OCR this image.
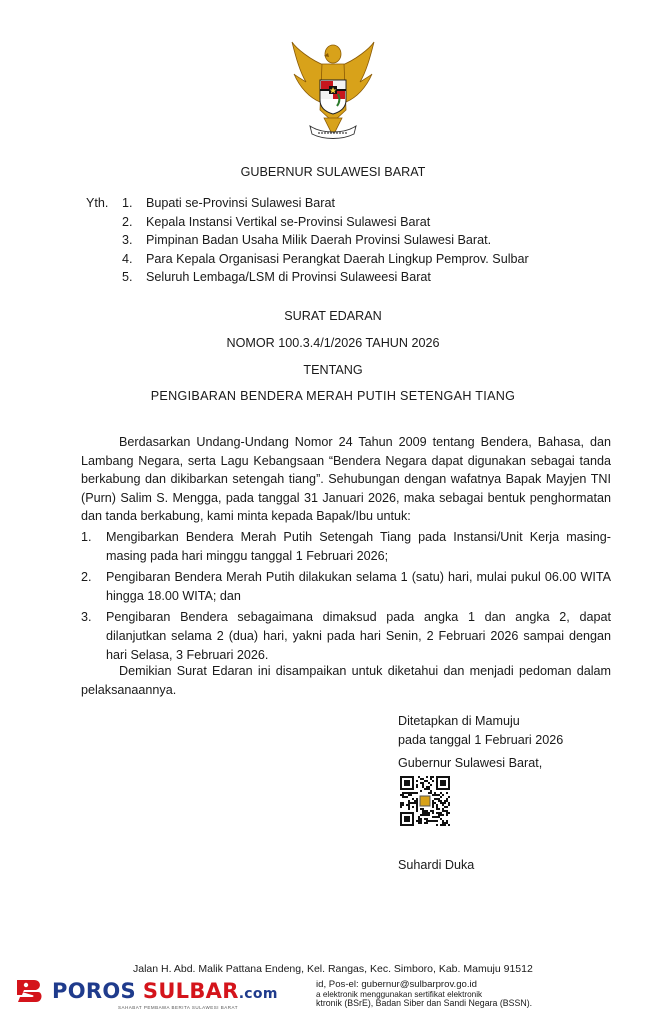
GUBERNUR SULAWESI BARAT
Yth. 1. Bupati se-Provinsi Sulawesi Barat
2. Kepala Instansi Vertikal se-Provinsi Sulawesi Barat
3. Pimpinan Badan Usaha Milik Daerah Provinsi Sulawesi Barat.
4. Para Kepala Organisasi Perangkat Daerah Lingkup Pemprov. Sulbar
5. Seluruh Lembaga/LSM di Provinsi Sulaweesi Barat
SURAT EDARAN
NOMOR 100.3.4/1/2026 TAHUN 2026
TENTANG
PENGIBARAN BENDERA MERAH PUTIH SETENGAH TIANG
Berdasarkan Undang-Undang Nomor 24 Tahun 2009 tentang Bendera, Bahasa, dan Lambang Negara, serta Lagu Kebangsaan “Bendera Negara dapat digunakan sebagai tanda berkabung dan dikibarkan setengah tiang”. Sehubungan dengan wafatnya Bapak Mayjen TNI (Purn) Salim S. Mengga, pada tanggal 31 Januari 2026, maka sebagai bentuk penghormatan dan tanda berkabung, kami minta kepada Bapak/Ibu untuk:
1.	Mengibarkan Bendera Merah Putih Setengah Tiang pada Instansi/Unit Kerja masing-masing pada hari minggu tanggal 1 Februari 2026;
2.	Pengibaran Bendera Merah Putih dilakukan selama 1 (satu) hari, mulai pukul 06.00 WITA hingga 18.00 WITA; dan
3.	Pengibaran Bendera sebagaimana dimaksud pada angka 1 dan angka 2, dapat dilanjutkan selama 2 (dua) hari, yakni pada hari Senin, 2 Februari 2026 sampai dengan hari Selasa, 3 Februari 2026.
Demikian Surat Edaran ini disampaikan untuk diketahui dan menjadi pedoman dalam pelaksanaannya.
Ditetapkan di Mamuju
pada tanggal 1 Februari 2026
Gubernur Sulawesi Barat,
Suhardi Duka
Jalan H. Abd. Malik Pattana Endeng, Kel. Rangas, Kec. Simboro, Kab. Mamuju 91512
id, Pos-el: gubernur@sulbarprov.go.id
a elektronik menggunakan sertifikat elektronik
ktronik (BSrE), Badan Siber dan Sandi Negara (BSSN).
POROS SULBAR.com
SAHABAT PEMBAWA BERITA SULAWESI BARAT
